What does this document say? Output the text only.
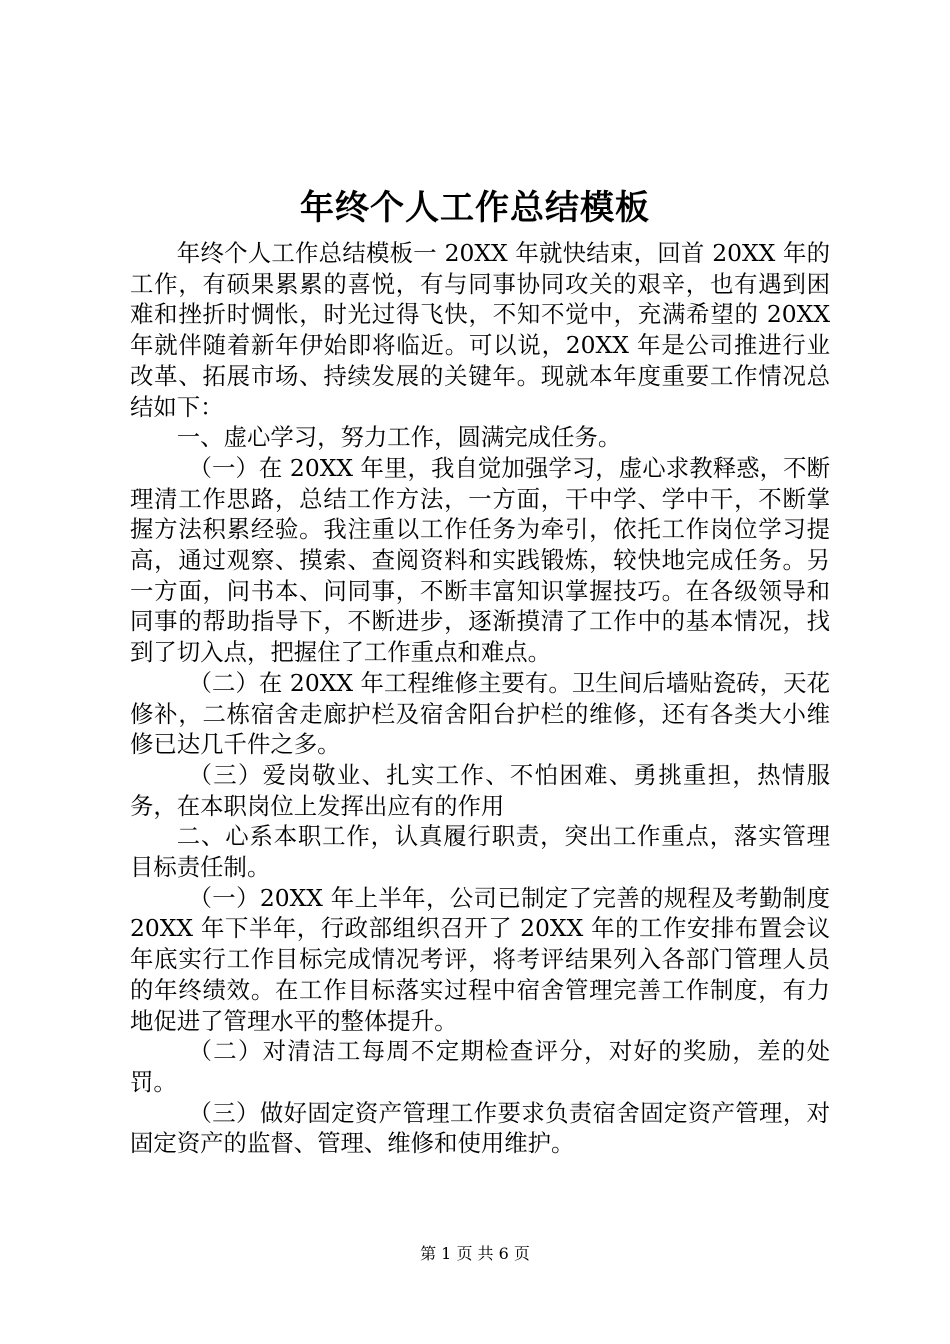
年终个人工作总结模板

年终个人工作总结模板一 20XX 年就快结束，回首 20XX 年的工作，有硕果累累的喜悦，有与同事协同攻关的艰辛，也有遇到困难和挫折时惆怅，时光过得飞快，不知不觉中，充满希望的 20XX 年就伴随着新年伊始即将临近。可以说，20XX 年是公司推进行业改革、拓展市场、持续发展的关键年。现就本年度重要工作情况总结如下：

一、虚心学习，努力工作，圆满完成任务。

（一）在 20XX 年里，我自觉加强学习，虚心求教释惑，不断理清工作思路，总结工作方法，一方面，干中学、学中干，不断掌握方法积累经验。我注重以工作任务为牵引，依托工作岗位学习提高，通过观察、摸索、查阅资料和实践锻炼，较快地完成任务。另一方面，问书本、问同事，不断丰富知识掌握技巧。在各级领导和同事的帮助指导下，不断进步，逐渐摸清了工作中的基本情况，找到了切入点，把握住了工作重点和难点。

（二）在 20XX 年工程维修主要有。卫生间后墙贴瓷砖，天花修补，二栋宿舍走廊护栏及宿舍阳台护栏的维修，还有各类大小维修已达几千件之多。

（三）爱岗敬业、扎实工作、不怕困难、勇挑重担，热情服务，在本职岗位上发挥出应有的作用

二、心系本职工作，认真履行职责，突出工作重点，落实管理目标责任制。

（一）20XX 年上半年，公司已制定了完善的规程及考勤制度 20XX 年下半年，行政部组织召开了 20XX 年的工作安排布置会议年底实行工作目标完成情况考评，将考评结果列入各部门管理人员的年终绩效。在工作目标落实过程中宿舍管理完善工作制度，有力地促进了管理水平的整体提升。

（二）对清洁工每周不定期检查评分，对好的奖励，差的处罚。

（三）做好固定资产管理工作要求负责宿舍固定资产管理，对固定资产的监督、管理、维修和使用维护。

第 1 页 共 6 页
